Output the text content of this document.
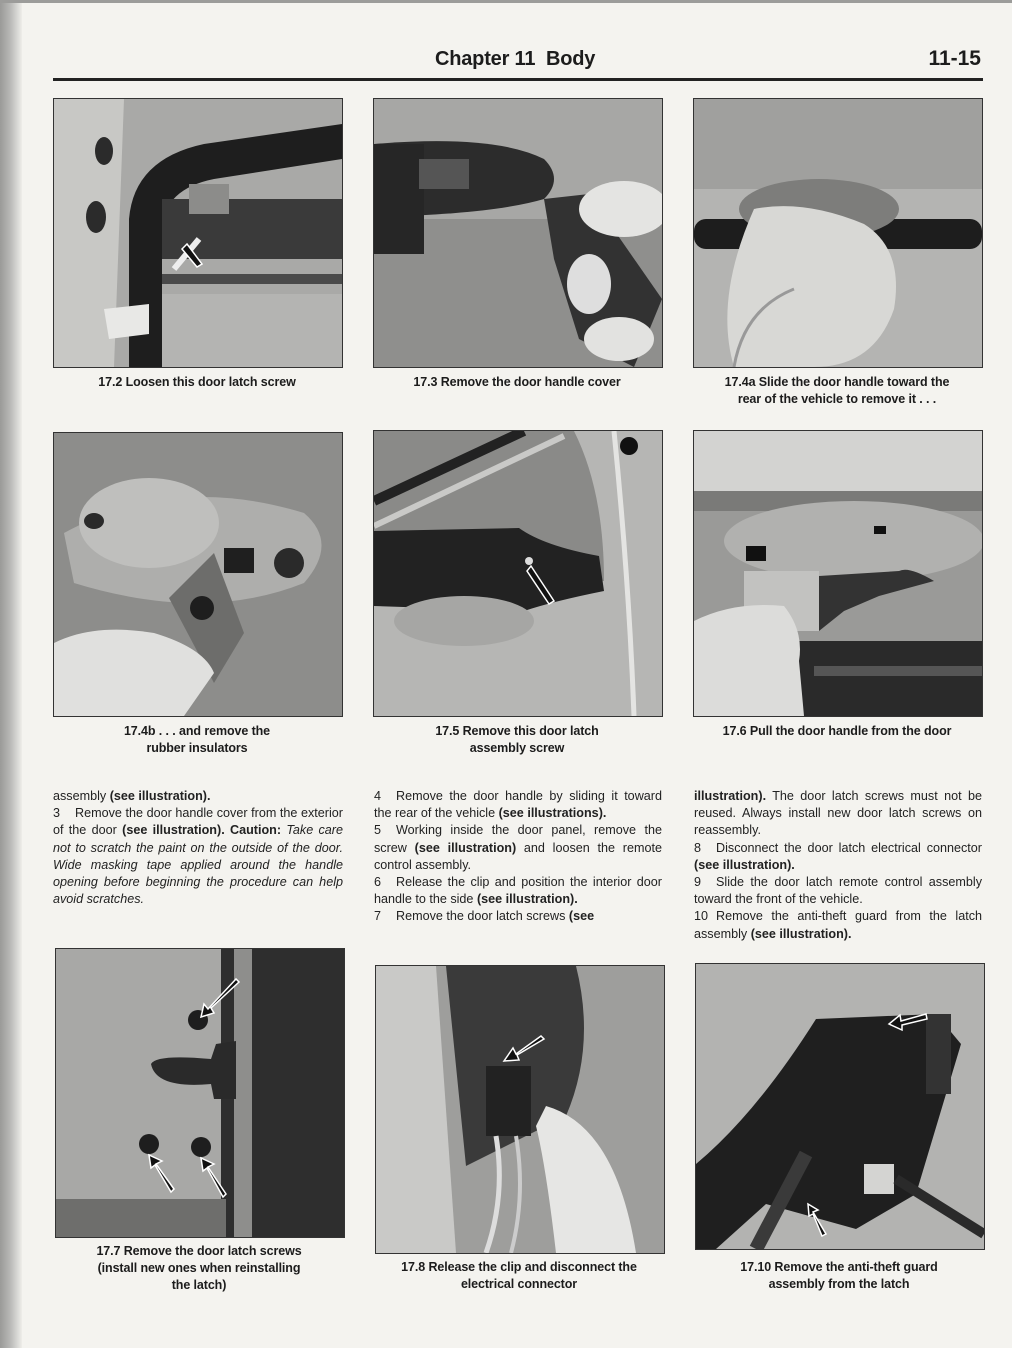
Chapter 11  Body	11-15
17.2 Loosen this door latch screw	17.3 Remove the door handle cover	17.4a Slide the door handle toward the
rear of the vehicle to remove it . . .
17.4b . . . and remove the
rubber insulators
17.5 Remove this door latch
assembly screw
17.6 Pull the door handle from the door

assembly (see illustration).

3 Remove the door handle cover from the exterior of the door (see illustration). Caution: Take care not to scratch the paint on the outside of the door. Wide masking tape applied around the handle opening before beginning the procedure can help avoid scratches.

4 Remove the door handle by sliding it toward the rear of the vehicle (see illustrations).

5 Working inside the door panel, remove the screw (see illustration) and loosen the remote control assembly.

6 Release the clip and position the interior door handle to the side (see illustration).

7 Remove the door latch screws (see

illustration). The door latch screws must not be reused. Always install new door latch screws on reassembly.

8 Disconnect the door latch electrical connector (see illustration).

9 Slide the door latch remote control assembly toward the front of the vehicle.

10 Remove the anti-theft guard from the latch assembly (see illustration).

17.7 Remove the door latch screws
(install new ones when reinstalling
the latch)
17.8 Release the clip and disconnect the
electrical connector
17.10 Remove the anti-theft guard
assembly from the latch
